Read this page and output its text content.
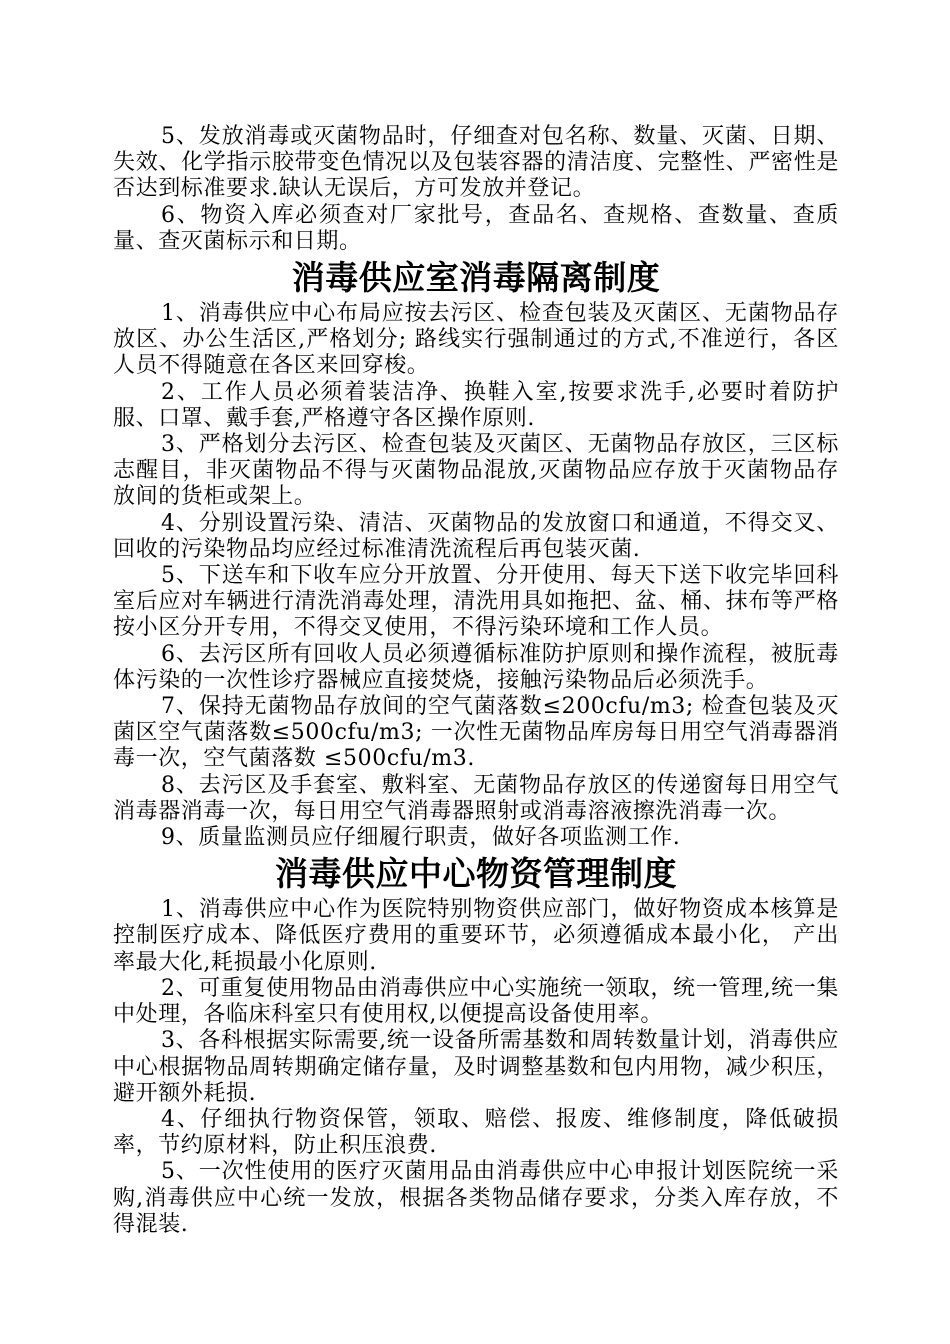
5、发放消毒或灭菌物品时，仔细查对包名称、数量、灭菌、日期、失效、化学指示胶带变色情况以及包装容器的清洁度、完整性、严密性是否达到标准要求.缺认无误后，方可发放并登记。

6、物资入库必须查对厂家批号，查品名、查规格、查数量、查质量、查灭菌标示和日期。

消毒供应室消毒隔离制度

1、消毒供应中心布局应按去污区、检查包装及灭菌区、无菌物品存放区、办公生活区,严格划分; 路线实行强制通过的方式,不准逆行，各区人员不得随意在各区来回穿梭。

2、工作人员必须着装洁净、换鞋入室,按要求洗手,必要时着防护服、口罩、戴手套,严格遵守各区操作原则.

3、严格划分去污区、检查包装及灭菌区、无菌物品存放区，三区标志醒目，非灭菌物品不得与灭菌物品混放,灭菌物品应存放于灭菌物品存放间的货柜或架上。

4、分别设置污染、清洁、灭菌物品的发放窗口和通道，不得交叉、回收的污染物品均应经过标准清洗流程后再包装灭菌.

5、下送车和下收车应分开放置、分开使用、每天下送下收完毕回科室后应对车辆进行清洗消毒处理，清洗用具如拖把、盆、桶、抹布等严格按小区分开专用，不得交叉使用，不得污染环境和工作人员。

6、去污区所有回收人员必须遵循标准防护原则和操作流程，被朊毒体污染的一次性诊疗器械应直接焚烧，接触污染物品后必须洗手。

7、保持无菌物品存放间的空气菌落数≤200cfu/m3; 检查包装及灭菌区空气菌落数≤500cfu/m3; 一次性无菌物品库房每日用空气消毒器消毒一次，空气菌落数 ≤500cfu/m3.

8、去污区及手套室、敷料室、无菌物品存放区的传递窗每日用空气消毒器消毒一次，每日用空气消毒器照射或消毒溶液擦洗消毒一次。

9、质量监测员应仔细履行职责，做好各项监测工作.

消毒供应中心物资管理制度

1、消毒供应中心作为医院特别物资供应部门，做好物资成本核算是控制医疗成本、降低医疗费用的重要环节，必须遵循成本最小化， 产出率最大化,耗损最小化原则.

2、可重复使用物品由消毒供应中心实施统一领取，统一管理,统一集中处理，各临床科室只有使用权,以便提高设备使用率。

3、各科根据实际需要,统一设备所需基数和周转数量计划，消毒供应中心根据物品周转期确定储存量，及时调整基数和包内用物，减少积压，避开额外耗损.

4、仔细执行物资保管，领取、赔偿、报废、维修制度，降低破损率，节约原材料，防止积压浪费.

5、一次性使用的医疗灭菌用品由消毒供应中心申报计划医院统一采购,消毒供应中心统一发放，根据各类物品储存要求，分类入库存放，不得混装.
